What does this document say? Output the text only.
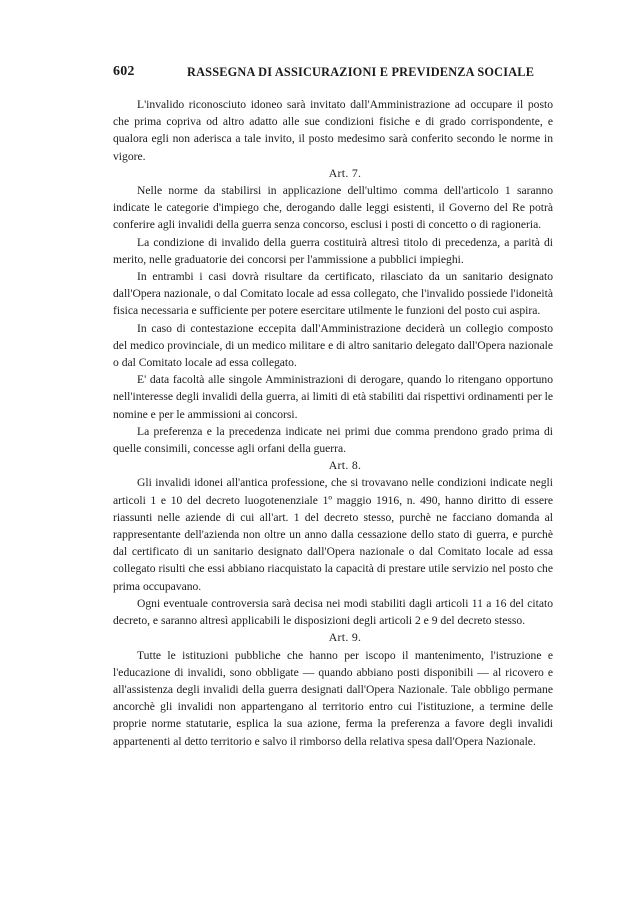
602	RASSEGNA DI ASSICURAZIONI E PREVIDENZA SOCIALE

L'invalido riconosciuto idoneo sarà invitato dall'Amministrazione ad occupare il posto che prima copriva od altro adatto alle sue condizioni fisiche e di grado corrispondente, e qualora egli non aderisca a tale invito, il posto medesimo sarà conferito secondo le norme in vigore.

Art. 7.

Nelle norme da stabilirsi in applicazione dell'ultimo comma dell'articolo 1 saranno indicate le categorie d'impiego che, derogando dalle leggi esistenti, il Governo del Re potrà conferire agli invalidi della guerra senza concorso, esclusi i posti di concetto o di ragioneria.

La condizione di invalido della guerra costituirà altresì titolo di precedenza, a parità di merito, nelle graduatorie dei concorsi per l'ammissione a pubblici impieghi.

In entrambi i casi dovrà risultare da certificato, rilasciato da un sanitario designato dall'Opera nazionale, o dal Comitato locale ad essa collegato, che l'invalido possiede l'idoneità fisica necessaria e sufficiente per potere esercitare utilmente le funzioni del posto cui aspira.

In caso di contestazione eccepita dall'Amministrazione deciderà un collegio composto del medico provinciale, di un medico militare e di altro sanitario delegato dall'Opera nazionale o dal Comitato locale ad essa collegato.

E' data facoltà alle singole Amministrazioni di derogare, quando lo ritengano opportuno nell'interesse degli invalidi della guerra, ai limiti di età stabiliti dai rispettivi ordinamenti per le nomine e per le ammissioni ai concorsi.

La preferenza e la precedenza indicate nei primi due comma prendono grado prima di quelle consimili, concesse agli orfani della guerra.

Art. 8.

Gli invalidi idonei all'antica professione, che si trovavano nelle condizioni indicate negli articoli 1 e 10 del decreto luogotenenziale 1º maggio 1916, n. 490, hanno diritto di essere riassunti nelle aziende di cui all'art. 1 del decreto stesso, purchè ne facciano domanda al rappresentante dell'azienda non oltre un anno dalla cessazione dello stato di guerra, e purchè dal certificato di un sanitario designato dall'Opera nazionale o dal Comitato locale ad essa collegato risulti che essi abbiano riacquistato la capacità di prestare utile servizio nel posto che prima occupavano.

Ogni eventuale controversia sarà decisa nei modi stabiliti dagli articoli 11 a 16 del citato decreto, e saranno altresì applicabili le disposizioni degli articoli 2 e 9 del decreto stesso.

Art. 9.

Tutte le istituzioni pubbliche che hanno per iscopo il mantenimento, l'istruzione e l'educazione di invalidi, sono obbligate — quando abbiano posti disponibili — al ricovero e all'assistenza degli invalidi della guerra designati dall'Opera Nazionale. Tale obbligo permane ancorchè gli invalidi non appartengano al territorio entro cui l'istituzione, a termine delle proprie norme statutarie, esplica la sua azione, ferma la preferenza a favore degli invalidi appartenenti al detto territorio e salvo il rimborso della relativa spesa dall'Opera Nazionale.
